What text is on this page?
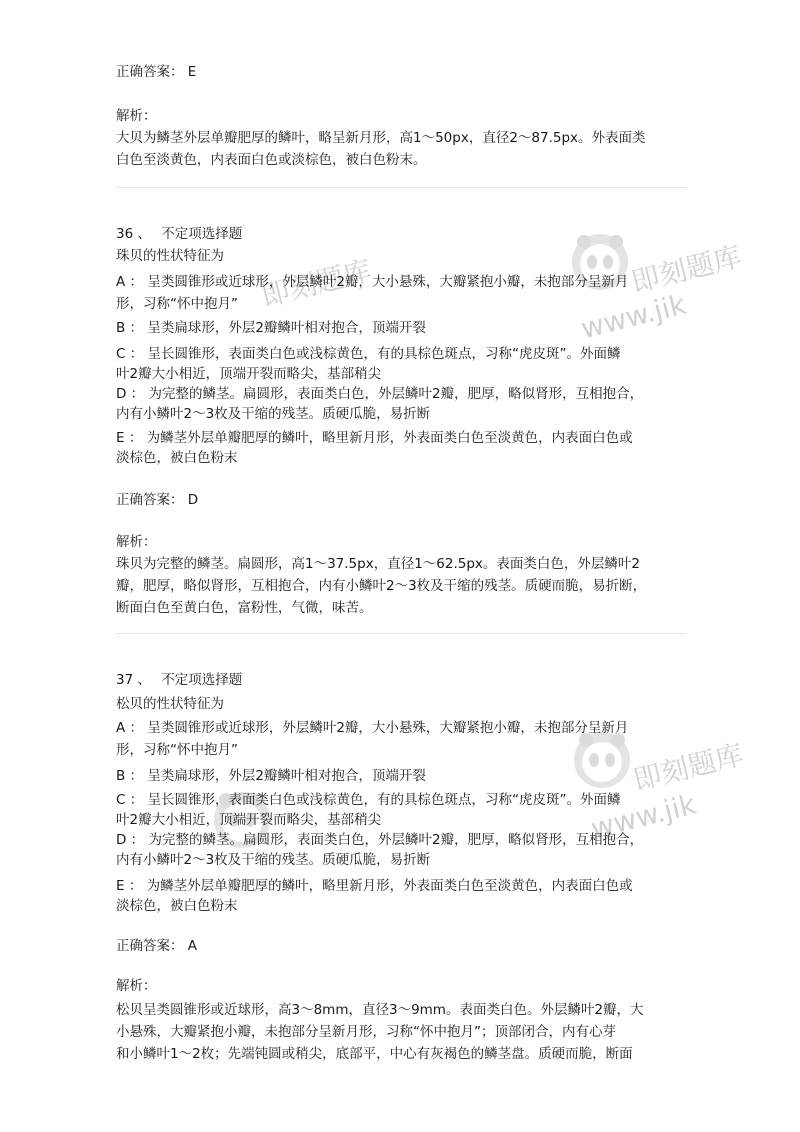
即刻题库
www.jik
即刻题库
即刻题库
www.jik
正确答案： E
解析：
大贝为鳞茎外层单瓣肥厚的鳞叶，略呈新月形，高1～50px，直径2～87.5px。外表面类
白色至淡黄色，内表面白色或淡棕色，被白色粉末。
36 、 不定项选择题
珠贝的性状特征为
A ： 呈类圆锥形或近球形，外层鳞叶2瓣，大小悬殊，大瓣紧抱小瓣，未抱部分呈新月
形，习称“怀中抱月”
B ： 呈类扁球形，外层2瓣鳞叶相对抱合，顶端开裂
C ： 呈长圆锥形，表面类白色或浅棕黄色，有的具棕色斑点，习称“虎皮斑”。外面鳞
叶2瓣大小相近，顶端开裂而略尖，基部稍尖
D ： 为完整的鳞茎。扁圆形，表面类白色，外层鳞叶2瓣，肥厚，略似肾形，互相抱合，
内有小鳞叶2～3枚及干缩的残茎。质硬瓜脆，易折断
E ： 为鳞茎外层单瓣肥厚的鳞叶，略里新月形，外表面类白色至淡黄色，内表面白色或
淡棕色，被白色粉末
正确答案： D
解析：
珠贝为完整的鳞茎。扁圆形，高1～37.5px，直径1～62.5px。表面类白色，外层鳞叶2
瓣，肥厚，略似肾形，互相抱合，内有小鳞叶2～3枚及干缩的残茎。质硬而脆，易折断，
断面白色至黄白色，富粉性，气微，味苦。
37 、 不定项选择题
松贝的性状特征为
A ： 呈类圆锥形或近球形，外层鳞叶2瓣，大小悬殊，大瓣紧抱小瓣，未抱部分呈新月
形，习称“怀中抱月”
B ： 呈类扁球形，外层2瓣鳞叶相对抱合，顶端开裂
C ： 呈长圆锥形，表面类白色或浅棕黄色，有的具棕色斑点，习称“虎皮斑”。外面鳞
叶2瓣大小相近，顶端开裂而略尖，基部稍尖
D ： 为完整的鳞茎。扁圆形，表面类白色，外层鳞叶2瓣，肥厚，略似肾形，互相抱合，
内有小鳞叶2～3枚及干缩的残茎。质硬瓜脆，易折断
E ： 为鳞茎外层单瓣肥厚的鳞叶，略里新月形，外表面类白色至淡黄色，内表面白色或
淡棕色，被白色粉末
正确答案： A
解析：
松贝呈类圆锥形或近球形，高3～8mm，直径3～9mm。表面类白色。外层鳞叶2瓣，大
小悬殊，大瓣紧抱小瓣，未抱部分呈新月形，习称“怀中抱月”；顶部闭合，内有心芽
和小鳞叶1～2枚；先端钝圆或稍尖，底部平，中心有灰褐色的鳞茎盘。质硬而脆，断面
